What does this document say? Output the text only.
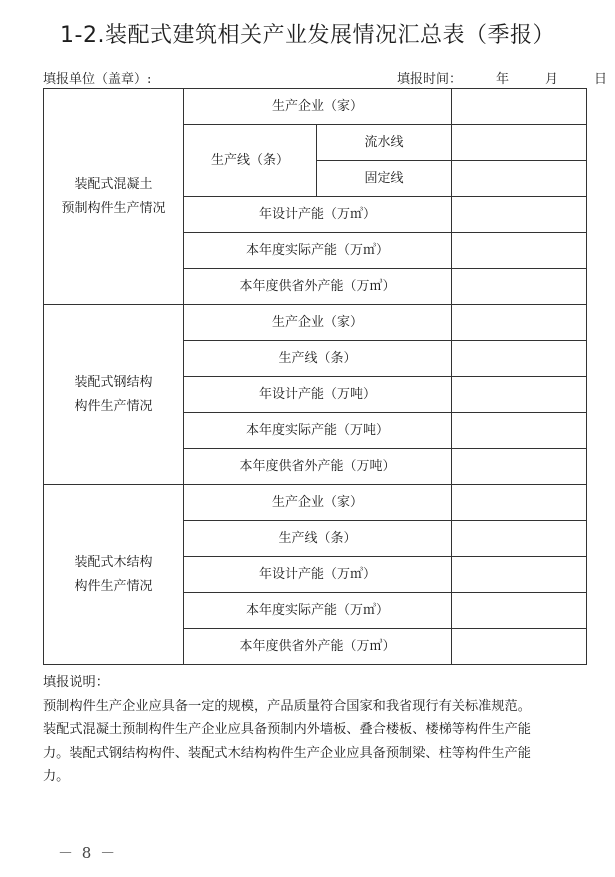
1-2.装配式建筑相关产业发展情况汇总表（季报）
填报单位（盖章）:	填报时间：	年	月	日
装配式混凝土
预制构件生产情况	生产企业（家）		
	生产线（条）	流水线	
		固定线	
	年设计产能（万㎥）		
	本年度实际产能（万㎥）		
	本年度供省外产能（万㎥）		

装配式钢结构
构件生产情况	生产企业（家）		
	生产线（条）		
	年设计产能（万吨）		
	本年度实际产能（万吨）		
	本年度供省外产能（万吨）		

装配式木结构
构件生产情况	生产企业（家）		
	生产线（条）		
	年设计产能（万㎥）		
	本年度实际产能（万㎥）		
	本年度供省外产能（万㎥）		
填报说明：
预制构件生产企业应具备一定的规模，产品质量符合国家和我省现行有关标准规范。
装配式混凝土预制构件生产企业应具备预制内外墙板、叠合楼板、楼梯等构件生产能
力。装配式钢结构构件、装配式木结构构件生产企业应具备预制梁、柱等构件生产能
力。
－ 8 －
